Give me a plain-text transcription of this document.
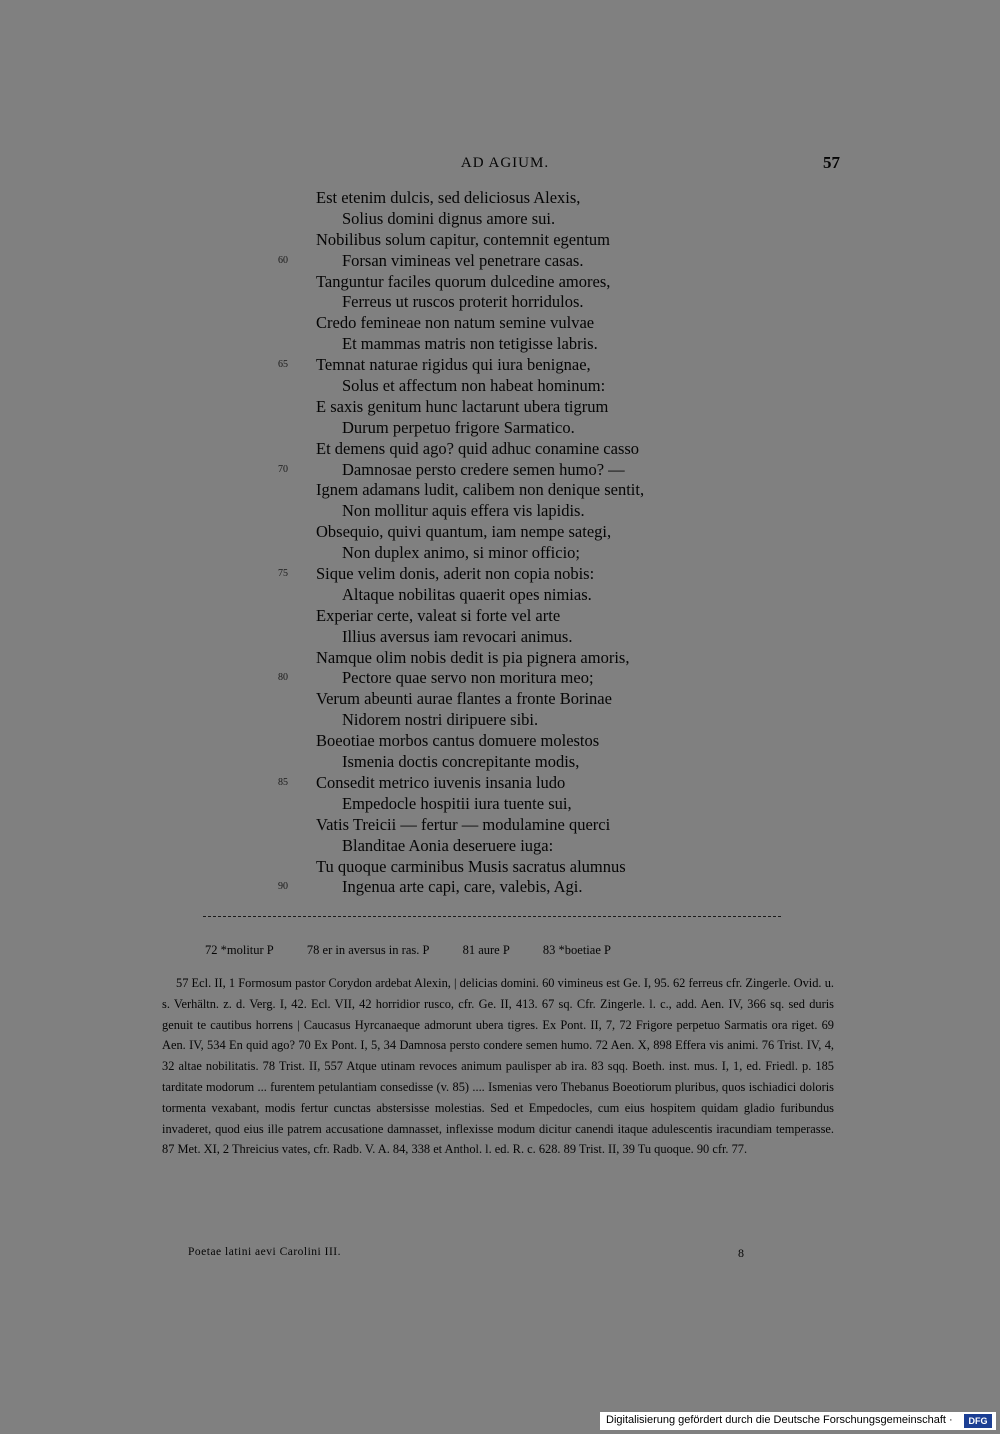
AD AGIUM.	57
Est etenim dulcis, sed deliciosus Alexis,
Solius domini dignus amore sui.
Nobilibus solum capitur, contemnit egentum
60	Forsan vimineas vel penetrare casas.
Tanguntur faciles quorum dulcedine amores,
Ferreus ut ruscos proterit horridulos.
Credo femineae non natum semine vulvae
Et mammas matris non tetigisse labris.
65	Temnat naturae rigidus qui iura benignae,
Solus et affectum non habeat hominum:
E saxis genitum hunc lactarunt ubera tigrum
Durum perpetuo frigore Sarmatico.
Et demens quid ago? quid adhuc conamine casso
70	Damnosae persto credere semen humo? —
Ignem adamans ludit, calibem non denique sentit,
Non mollitur aquis effera vis lapidis.
Obsequio, quivi quantum, iam nempe sategi,
Non duplex animo, si minor officio;
75	Sique velim donis, aderit non copia nobis:
Altaque nobilitas quaerit opes nimias.
Experiar certe, valeat si forte vel arte
Illius aversus iam revocari animus.
Namque olim nobis dedit is pia pignera amoris,
80	Pectore quae servo non moritura meo;
Verum abeunti aurae flantes a fronte Borinae
Nidorem nostri diripuere sibi.
Boeotiae morbos cantus domuere molestos
Ismenia doctis concrepitante modis,
85	Consedit metrico iuvenis insania ludo
Empedocle hospitii iura tuente sui,
Vatis Treicii — fertur — modulamine querci
Blanditae Aonia deseruere iuga:
Tu quoque carminibus Musis sacratus alumnus
90	Ingenua arte capi, care, valebis, Agi.
72 *molitur P	78 er in aversus in ras. P	81 aure P	83 *boetiae P

57 Ecl. II, 1 Formosum pastor Corydon ardebat Alexin, | delicias domini. 60 vimineus est Ge. I, 95. 62 ferreus cfr. Zingerle. Ovid. u. s. Verhältn. z. d. Verg. I, 42. Ecl. VII, 42 horridior rusco, cfr. Ge. II, 413. 67 sq. Cfr. Zingerle. l. c., add. Aen. IV, 366 sq. sed duris genuit te cautibus horrens | Caucasus Hyrcanaeque admorunt ubera tigres. Ex Pont. II, 7, 72 Frigore perpetuo Sarmatis ora riget. 69 Aen. IV, 534 En quid ago? 70 Ex Pont. I, 5, 34 Damnosa persto condere semen humo. 72 Aen. X, 898 Effera vis animi. 76 Trist. IV, 4, 32 altae nobilitatis. 78 Trist. II, 557 Atque utinam revoces animum paulisper ab ira. 83 sqq. Boeth. inst. mus. I, 1, ed. Friedl. p. 185 tarditate modorum ... furentem petulantiam consedisse (v. 85) .... Ismenias vero Thebanus Boeotiorum pluribus, quos ischiadici doloris tormenta vexabant, modis fertur cunctas abstersisse molestias. Sed et Empedocles, cum eius hospitem quidam gladio furibundus invaderet, quod eius ille patrem accusatione damnasset, inflexisse modum dicitur canendi itaque adulescentis iracundiam temperasse. 87 Met. XI, 2 Threicius vates, cfr. Radb. V. A. 84, 338 et Anthol. l. ed. R. c. 628. 89 Trist. II, 39 Tu quoque. 90 cfr. 77.

Poetae latini aevi Carolini III.	8
Digitalisierung gefördert durch die Deutsche Forschungsgemeinschaft ·	DFG
